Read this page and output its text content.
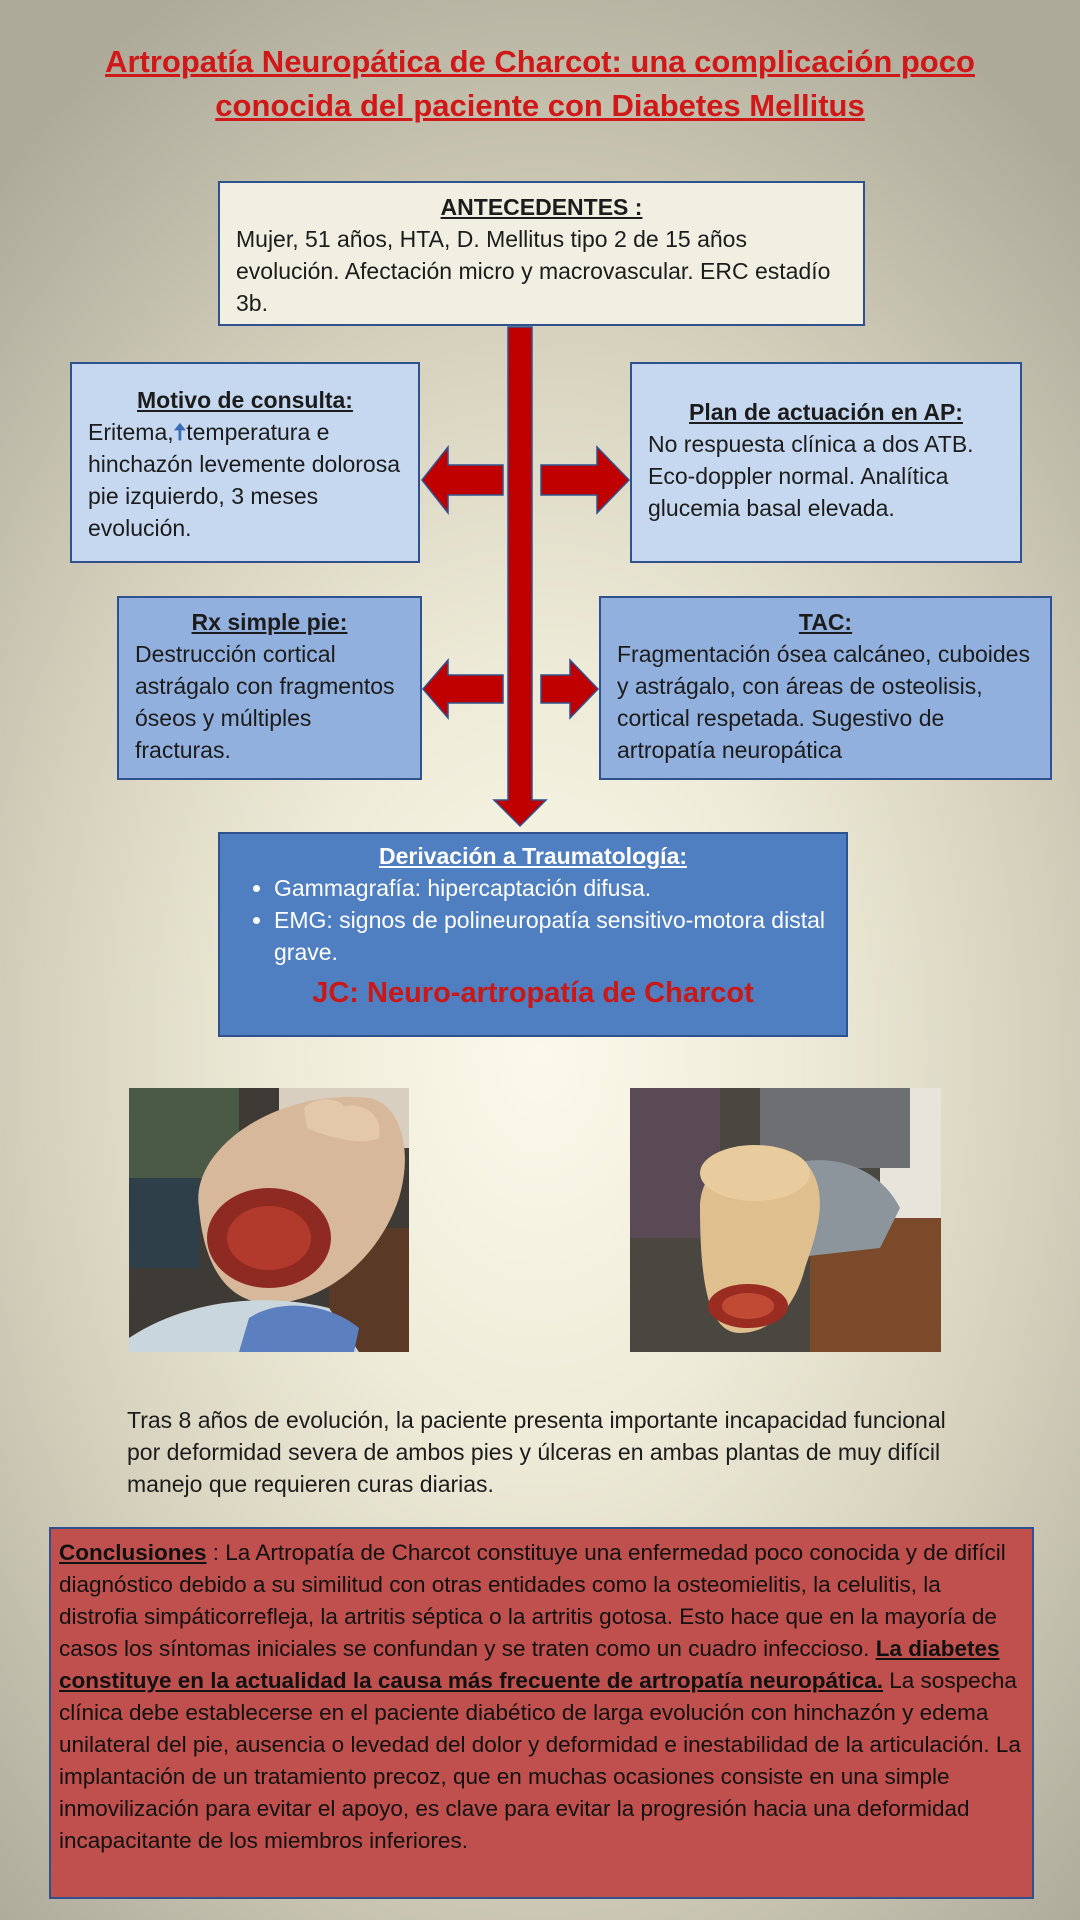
Artropatía Neuropática de Charcot: una complicación poco conocida del paciente con Diabetes Mellitus
ANTECEDENTES :

Mujer, 51 años, HTA, D. Mellitus tipo 2 de 15 años evolución. Afectación micro y macrovascular. ERC estadío 3b.

Motivo de consulta:

Eritema,🠅temperatura e hinchazón levemente dolorosa pie izquierdo, 3 meses evolución.

Plan de actuación en AP:

No respuesta clínica a dos ATB. Eco-doppler normal. Analítica glucemia basal elevada.

Rx simple pie:

Destrucción cortical astrágalo con fragmentos óseos y múltiples fracturas.

TAC:

Fragmentación ósea calcáneo, cuboides y astrágalo, con áreas de osteolisis, cortical respetada. Sugestivo de artropatía neuropática

Derivación a Traumatología:
• Gammagrafía: hipercaptación difusa.
• EMG: signos de polineuropatía sensitivo-motora distal grave.

JC: Neuro-artropatía de Charcot

Tras 8 años de evolución, la paciente presenta importante incapacidad funcional por deformidad severa de ambos pies y úlceras en ambas plantas de muy difícil manejo que requieren curas diarias.

Conclusiones : La Artropatía de Charcot constituye una enfermedad poco conocida y de difícil diagnóstico debido a su similitud con otras entidades como la osteomielitis, la celulitis, la distrofia simpáticorrefleja, la artritis séptica o la artritis gotosa. Esto hace que en la mayoría de casos los síntomas iniciales se confundan y se traten como un cuadro infeccioso. La diabetes constituye en la actualidad la causa más frecuente de artropatía neuropática. La sospecha clínica debe establecerse en el paciente diabético de larga evolución con hinchazón y edema unilateral del pie, ausencia o levedad del dolor y deformidad e inestabilidad de la articulación. La implantación de un tratamiento precoz, que en muchas ocasiones consiste en una simple inmovilización para evitar el apoyo, es clave para evitar la progresión hacia una deformidad incapacitante de los miembros inferiores.
